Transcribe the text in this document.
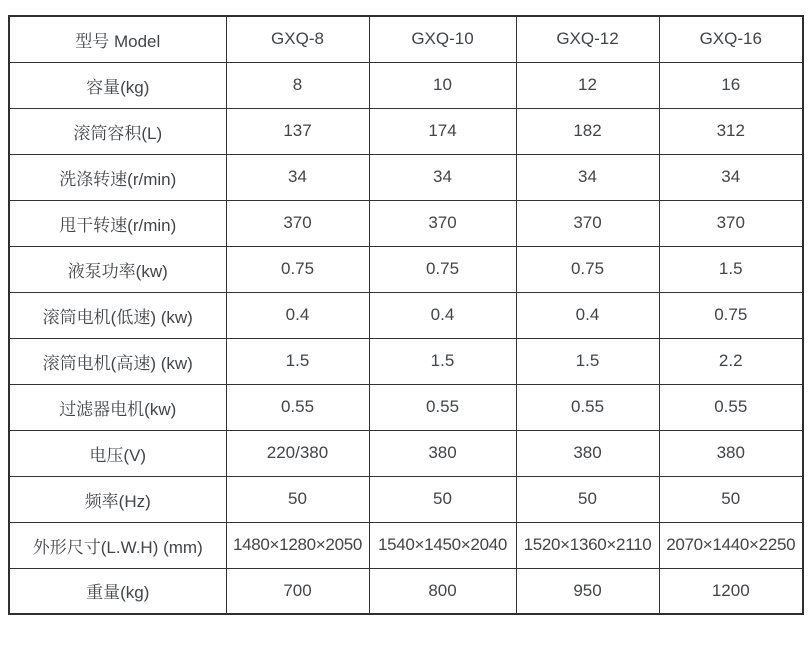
型号 Model	GXQ-8	GXQ-10	GXQ-12	GXQ-16
容量(kg)	8	10	12	16
滚筒容积(L)	137	174	182	312
洗涤转速(r/min)	34	34	34	34
甩干转速(r/min)	370	370	370	370
液泵功率(kw)	0.75	0.75	0.75	1.5
滚筒电机(低速) (kw)	0.4	0.4	0.4	0.75
滚筒电机(高速) (kw)	1.5	1.5	1.5	2.2
过滤器电机(kw)	0.55	0.55	0.55	0.55
电压(V)	220/380	380	380	380
频率(Hz)	50	50	50	50
外形尺寸(L.W.H) (mm)	1480×1280×2050	1540×1450×2040	1520×1360×2110	2070×1440×2250
重量(kg)	700	800	950	1200
